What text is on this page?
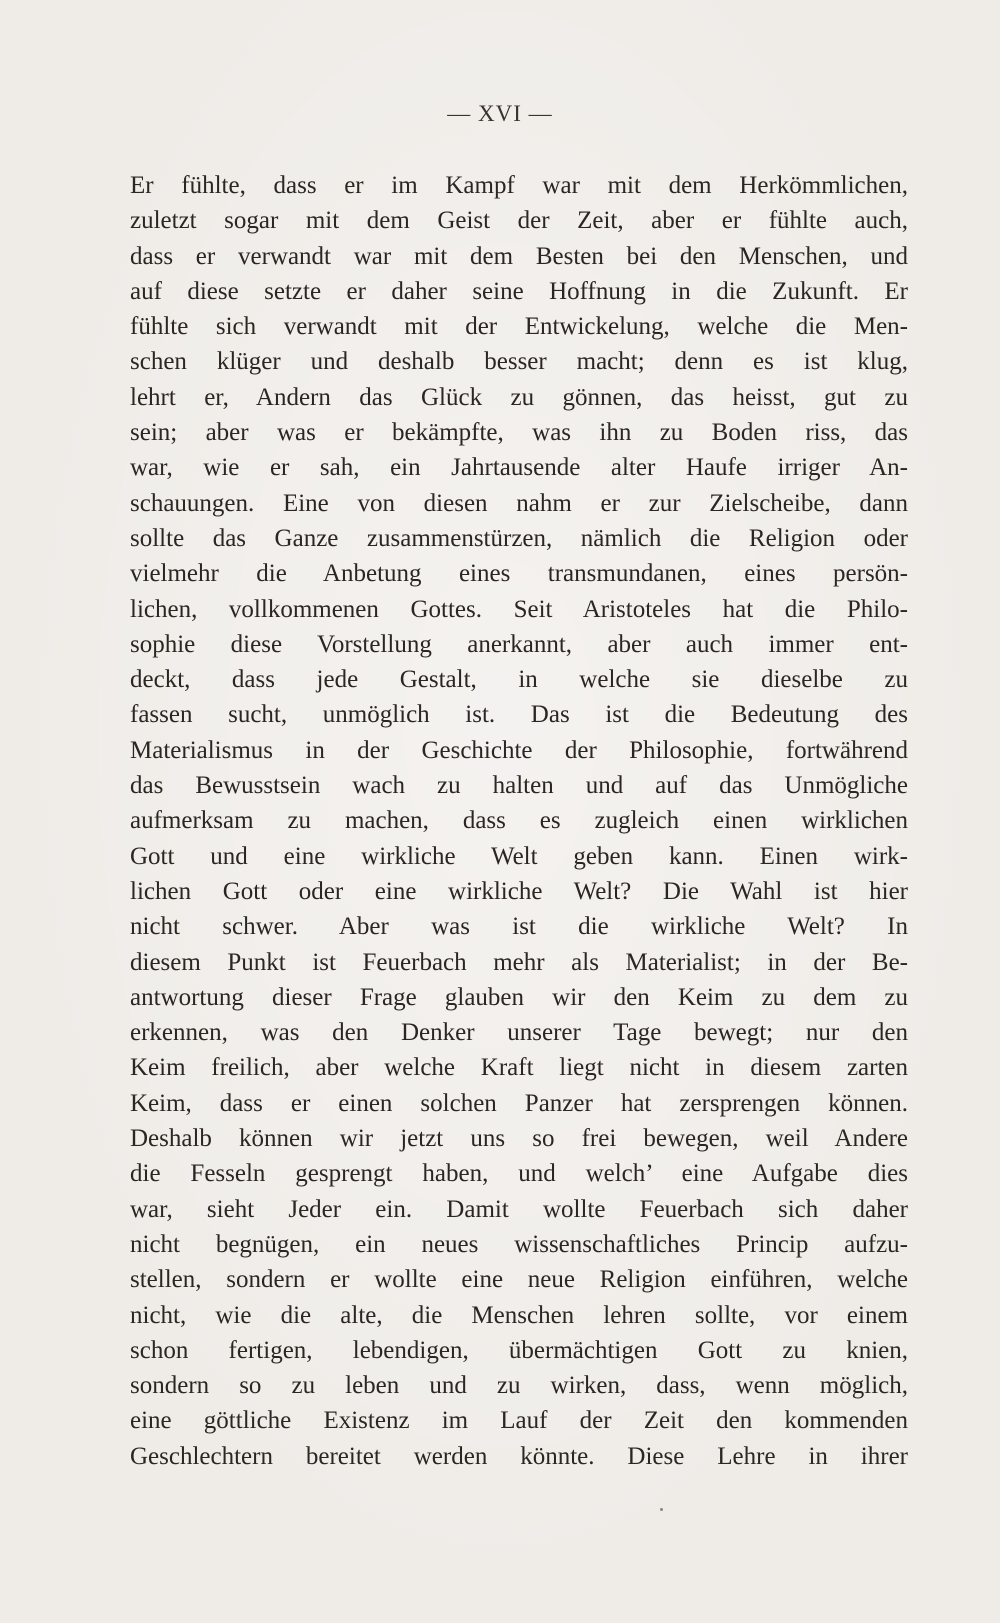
— XVI —
Er fühlte, dass er im Kampf war mit dem Herkömmlichen,
zuletzt sogar mit dem Geist der Zeit, aber er fühlte auch,
dass er verwandt war mit dem Besten bei den Menschen, und
auf diese setzte er daher seine Hoffnung in die Zukunft. Er
fühlte sich verwandt mit der Entwickelung, welche die Men-
schen klüger und deshalb besser macht; denn es ist klug,
lehrt er, Andern das Glück zu gönnen, das heisst, gut zu
sein; aber was er bekämpfte, was ihn zu Boden riss, das
war, wie er sah, ein Jahrtausende alter Haufe irriger An-
schauungen. Eine von diesen nahm er zur Zielscheibe, dann
sollte das Ganze zusammenstürzen, nämlich die Religion oder
vielmehr die Anbetung eines transmundanen, eines persön-
lichen, vollkommenen Gottes. Seit Aristoteles hat die Philo-
sophie diese Vorstellung anerkannt, aber auch immer ent-
deckt, dass jede Gestalt, in welche sie dieselbe zu
fassen sucht, unmöglich ist. Das ist die Bedeutung des
Materialismus in der Geschichte der Philosophie, fortwährend
das Bewusstsein wach zu halten und auf das Unmögliche
aufmerksam zu machen, dass es zugleich einen wirklichen
Gott und eine wirkliche Welt geben kann. Einen wirk-
lichen Gott oder eine wirkliche Welt? Die Wahl ist hier
nicht schwer. Aber was ist die wirkliche Welt? In
diesem Punkt ist Feuerbach mehr als Materialist; in der Be-
antwortung dieser Frage glauben wir den Keim zu dem zu
erkennen, was den Denker unserer Tage bewegt; nur den
Keim freilich, aber welche Kraft liegt nicht in diesem zarten
Keim, dass er einen solchen Panzer hat zersprengen können.
Deshalb können wir jetzt uns so frei bewegen, weil Andere
die Fesseln gesprengt haben, und welch’ eine Aufgabe dies
war, sieht Jeder ein. Damit wollte Feuerbach sich daher
nicht begnügen, ein neues wissenschaftliches Princip aufzu-
stellen, sondern er wollte eine neue Religion einführen, welche
nicht, wie die alte, die Menschen lehren sollte, vor einem
schon fertigen, lebendigen, übermächtigen Gott zu knien,
sondern so zu leben und zu wirken, dass, wenn möglich,
eine göttliche Existenz im Lauf der Zeit den kommenden
Geschlechtern bereitet werden könnte. Diese Lehre in ihrer
